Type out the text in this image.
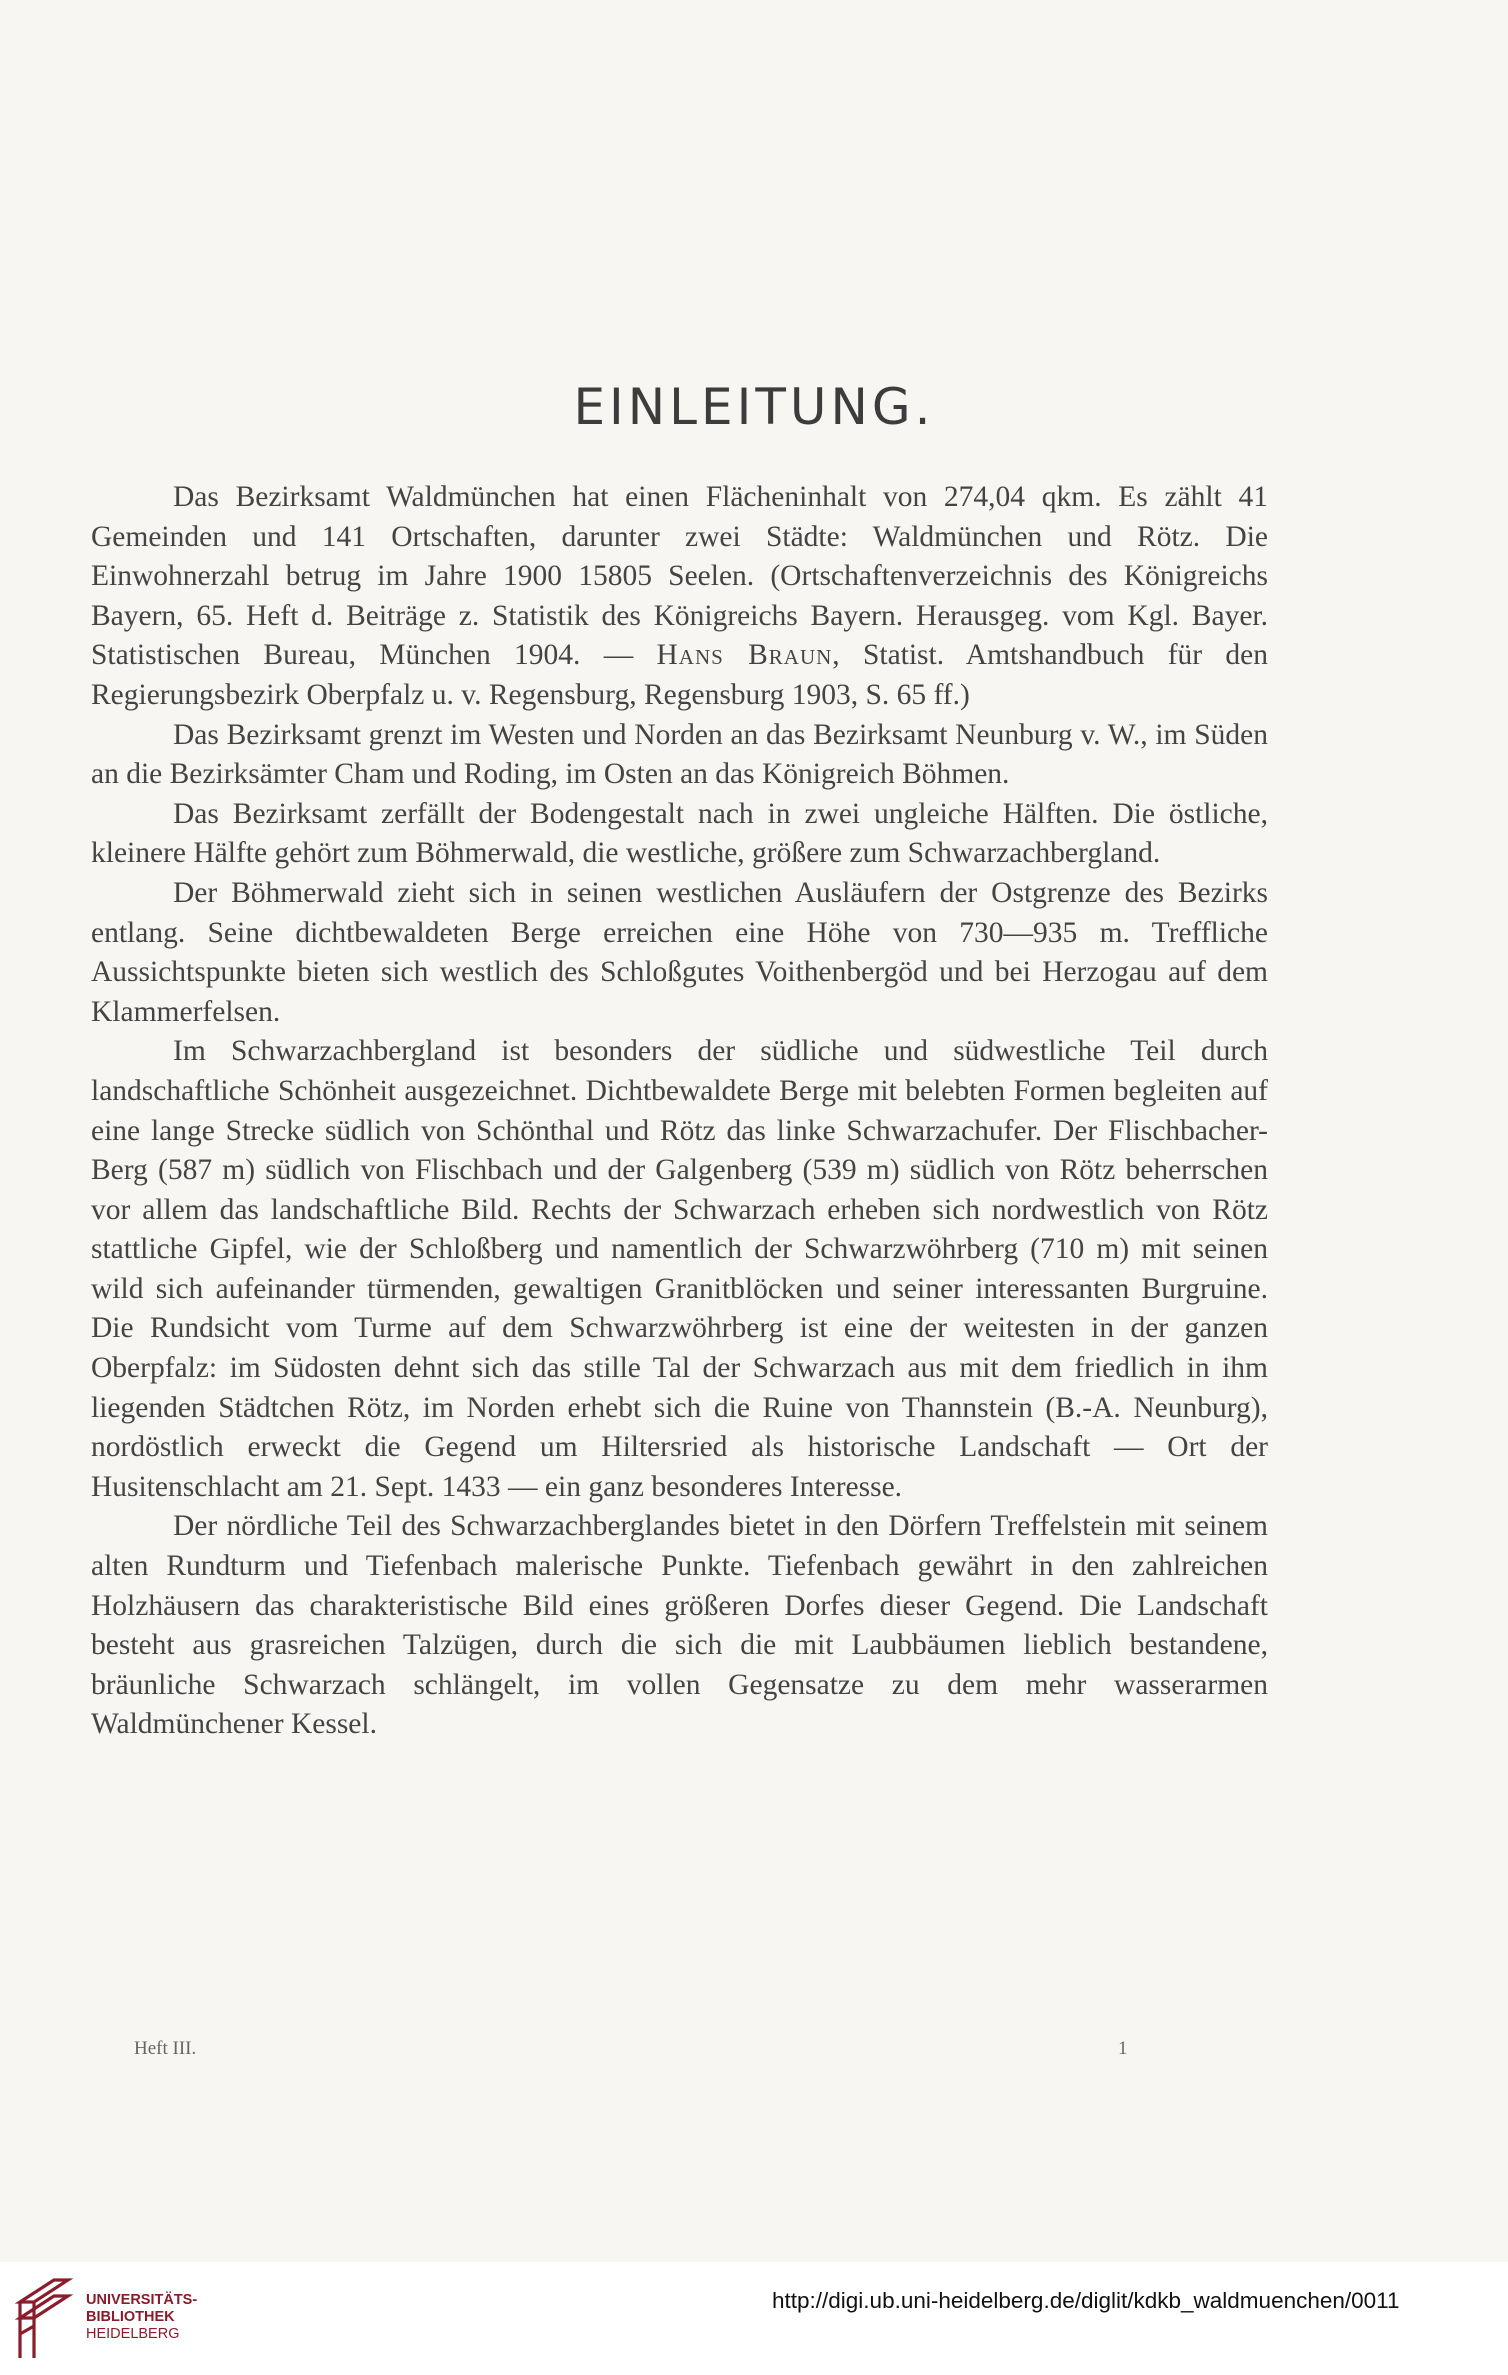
EINLEITUNG.

Das Bezirksamt Waldmünchen hat einen Flächeninhalt von 274,04 qkm. Es zählt 41 Gemeinden und 141 Ortschaften, darunter zwei Städte: Waldmünchen und Rötz. Die Einwohnerzahl betrug im Jahre 1900 15805 Seelen. (Ortschaftenverzeichnis des Königreichs Bayern, 65. Heft d. Beiträge z. Statistik des Königreichs Bayern. Herausgeg. vom Kgl. Bayer. Statistischen Bureau, München 1904. — Hans Braun, Statist. Amtshandbuch für den Regierungsbezirk Oberpfalz u. v. Regensburg, Regensburg 1903, S. 65 ff.)

Das Bezirksamt grenzt im Westen und Norden an das Bezirksamt Neunburg v. W., im Süden an die Bezirksämter Cham und Roding, im Osten an das Königreich Böhmen.

Das Bezirksamt zerfällt der Bodengestalt nach in zwei ungleiche Hälften. Die östliche, kleinere Hälfte gehört zum Böhmerwald, die westliche, größere zum Schwarzachbergland.

Der Böhmerwald zieht sich in seinen westlichen Ausläufern der Ostgrenze des Bezirks entlang. Seine dichtbewaldeten Berge erreichen eine Höhe von 730—935 m. Treffliche Aussichtspunkte bieten sich westlich des Schloßgutes Voithenbergöd und bei Herzogau auf dem Klammerfelsen.

Im Schwarzachbergland ist besonders der südliche und südwestliche Teil durch landschaftliche Schönheit ausgezeichnet. Dichtbewaldete Berge mit belebten Formen begleiten auf eine lange Strecke südlich von Schönthal und Rötz das linke Schwarzachufer. Der Flischbacher-Berg (587 m) südlich von Flischbach und der Galgenberg (539 m) südlich von Rötz beherrschen vor allem das landschaftliche Bild. Rechts der Schwarzach erheben sich nordwestlich von Rötz stattliche Gipfel, wie der Schloßberg und namentlich der Schwarzwöhrberg (710 m) mit seinen wild sich aufeinander türmenden, gewaltigen Granitblöcken und seiner interessanten Burgruine. Die Rundsicht vom Turme auf dem Schwarzwöhrberg ist eine der weitesten in der ganzen Oberpfalz: im Südosten dehnt sich das stille Tal der Schwarzach aus mit dem friedlich in ihm liegenden Städtchen Rötz, im Norden erhebt sich die Ruine von Thannstein (B.-A. Neunburg), nordöstlich erweckt die Gegend um Hiltersried als historische Landschaft — Ort der Husitenschlacht am 21. Sept. 1433 — ein ganz besonderes Interesse.

Der nördliche Teil des Schwarzachberglandes bietet in den Dörfern Treffelstein mit seinem alten Rundturm und Tiefenbach malerische Punkte. Tiefenbach gewährt in den zahlreichen Holzhäusern das charakteristische Bild eines größeren Dorfes dieser Gegend. Die Landschaft besteht aus grasreichen Talzügen, durch die sich die mit Laubbäumen lieblich bestandene, bräunliche Schwarzach schlängelt, im vollen Gegensatze zu dem mehr wasserarmen Waldmünchener Kessel.

Heft III.	1
UNIVERSITÄTS-
BIBLIOTHEK
HEIDELBERG
http://digi.ub.uni-heidelberg.de/diglit/kdkb_waldmuenchen/0011
